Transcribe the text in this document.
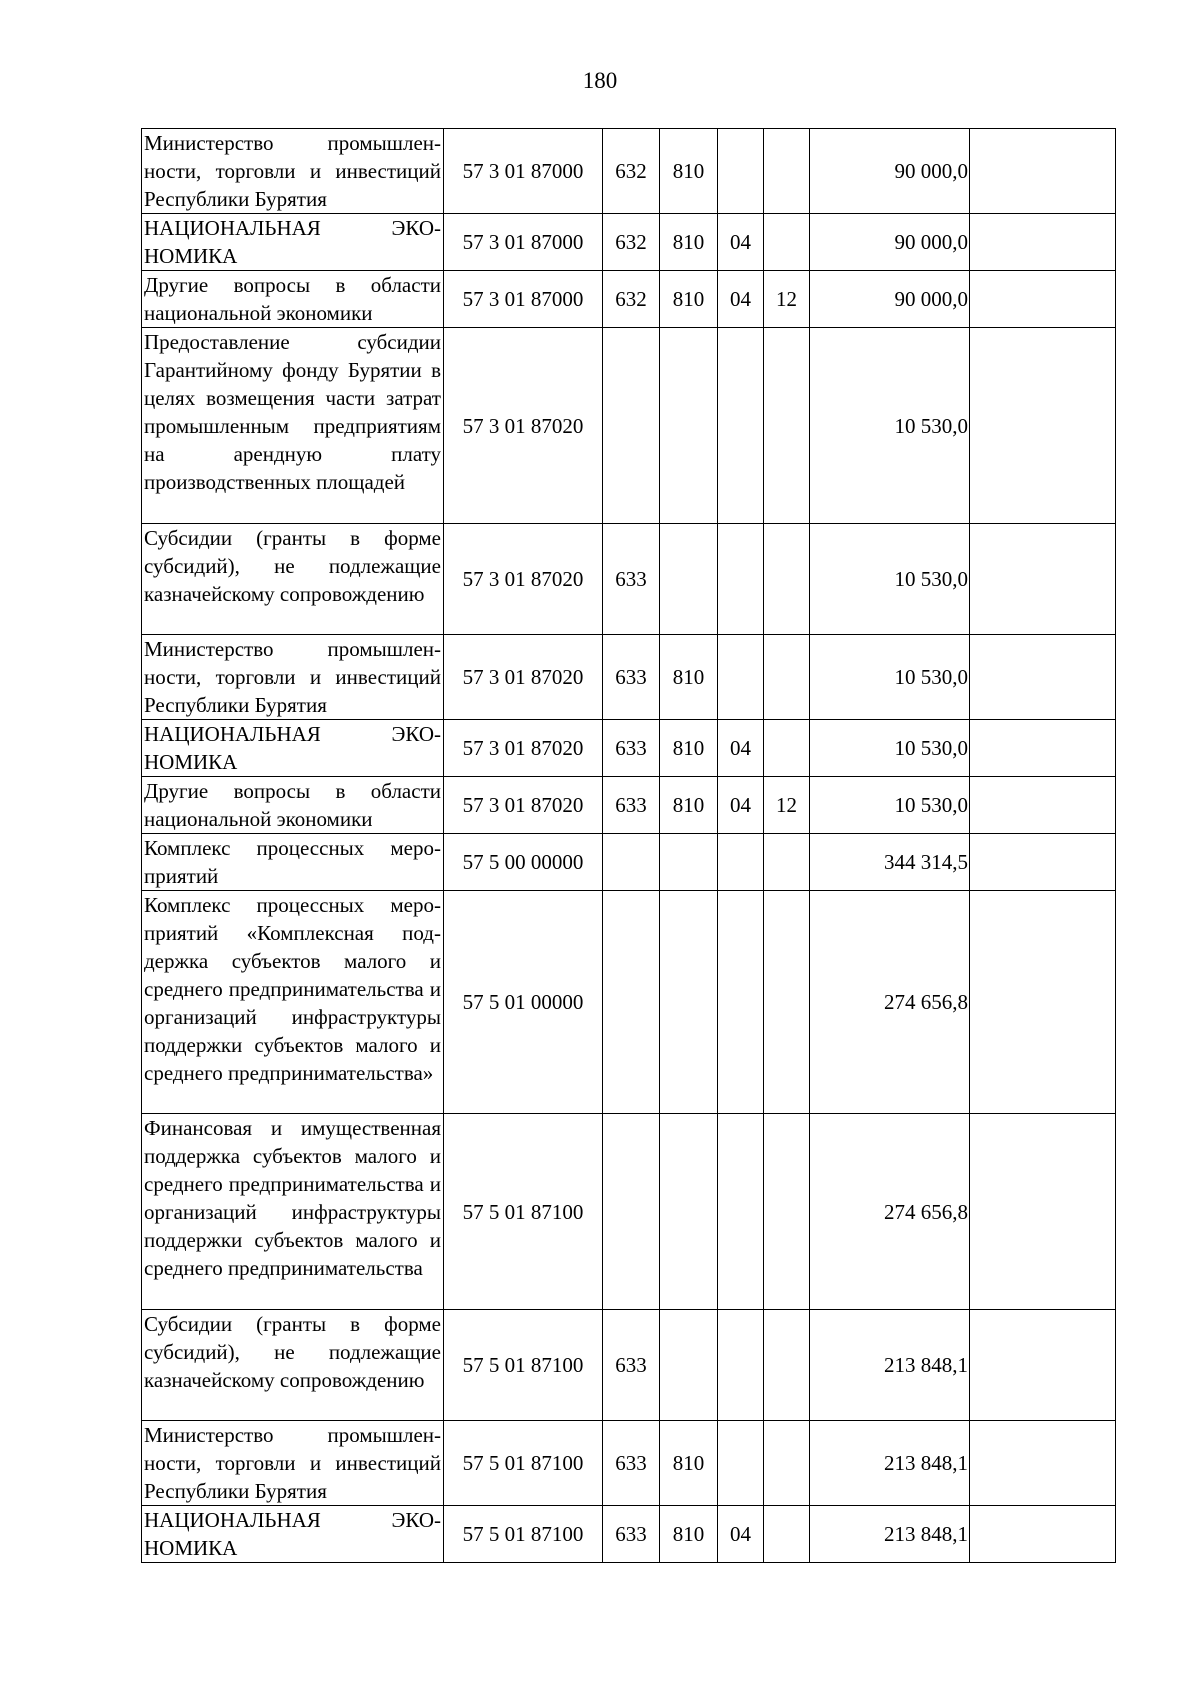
180
Министерство промышленности, торговли и инвестиций Республики Бурятия	57 3 01 87000	632	810			90 000,0	
НАЦИОНАЛЬНАЯ ЭКОНОМИКА	57 3 01 87000	632	810	04		90 000,0	
Другие вопросы в области национальной экономики	57 3 01 87000	632	810	04	12	90 000,0	
Предоставление субсидии Гарантийному фонду Бурятии в целях возмещения части затрат промышленным предприятиям на арендную плату производственных площадей	57 3 01 87020					10 530,0	
Субсидии (гранты в форме субсидий), не подлежащие казначейскому сопровождению	57 3 01 87020	633				10 530,0	
Министерство промышленности, торговли и инвестиций Республики Бурятия	57 3 01 87020	633	810			10 530,0	
НАЦИОНАЛЬНАЯ ЭКОНОМИКА	57 3 01 87020	633	810	04		10 530,0	
Другие вопросы в области национальной экономики	57 3 01 87020	633	810	04	12	10 530,0	
Комплекс процессных мероприятий	57 5 00 00000					344 314,5	
Комплекс процессных мероприятий «Комплексная поддержка субъектов малого и среднего предпринимательства и организаций инфраструктуры поддержки субъектов малого и среднего предпринимательства»	57 5 01 00000					274 656,8	
Финансовая и имущественная поддержка субъектов малого и среднего предпринимательства и организаций инфраструктуры поддержки субъектов малого и среднего предпринимательства	57 5 01 87100					274 656,8	
Субсидии (гранты в форме субсидий), не подлежащие казначейскому сопровождению	57 5 01 87100	633				213 848,1	
Министерство промышленности, торговли и инвестиций Республики Бурятия	57 5 01 87100	633	810			213 848,1	
НАЦИОНАЛЬНАЯ ЭКОНОМИКА	57 5 01 87100	633	810	04		213 848,1	
